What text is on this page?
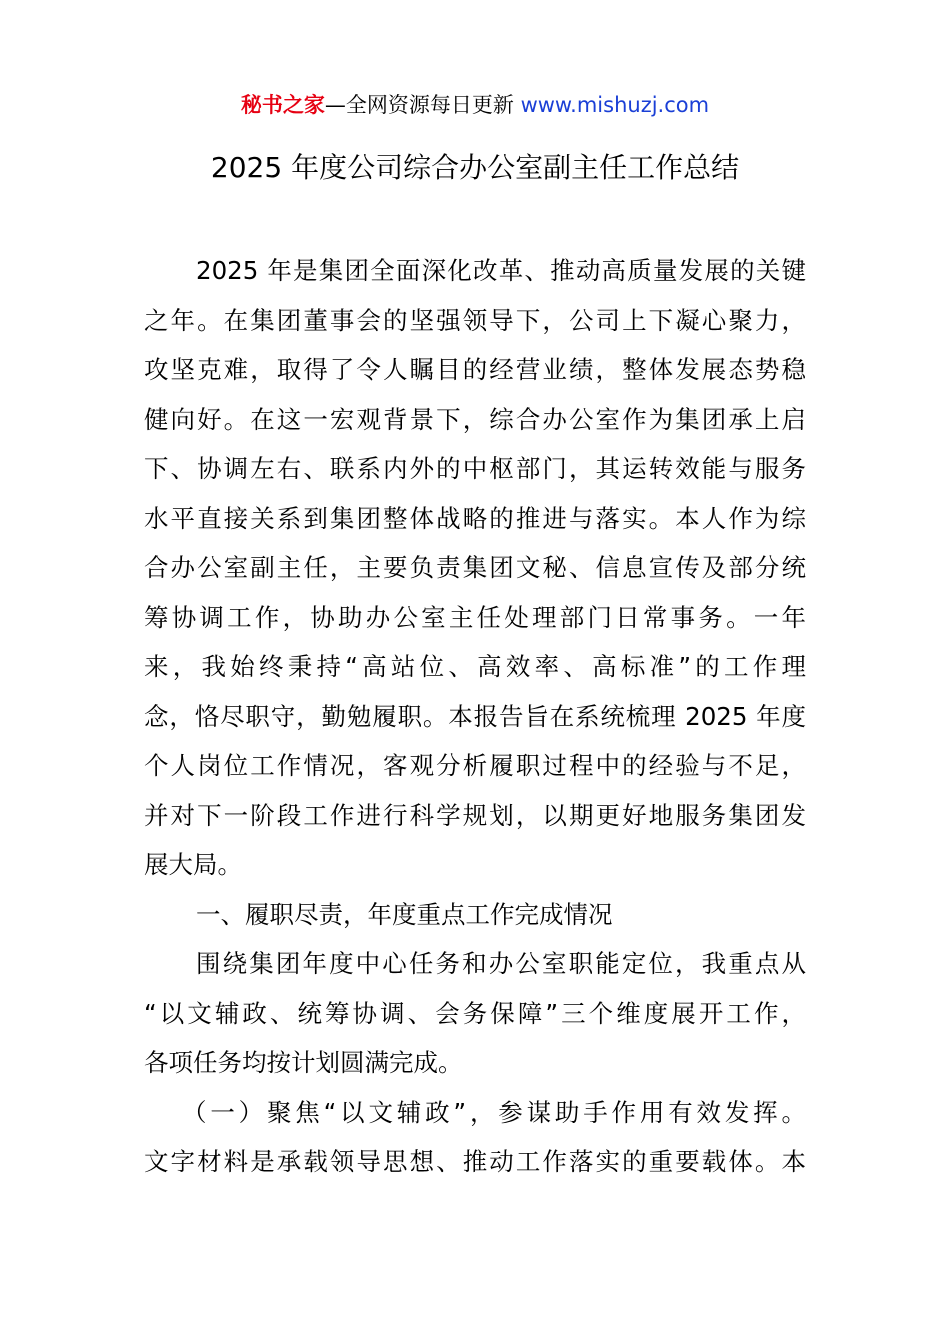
秘书之家—全网资源每日更新 www.mishuzj.com
2025 年度公司综合办公室副主任工作总结
2025 年是集团全面深化改革、推动高质量发展的关键
之年。在集团董事会的坚强领导下，公司上下凝心聚力，
攻坚克难，取得了令人瞩目的经营业绩，整体发展态势稳
健向好。在这一宏观背景下，综合办公室作为集团承上启
下、协调左右、联系内外的中枢部门，其运转效能与服务
水平直接关系到集团整体战略的推进与落实。本人作为综
合办公室副主任，主要负责集团文秘、信息宣传及部分统
筹协调工作，协助办公室主任处理部门日常事务。一年
来，我始终秉持“高站位、高效率、高标准”的工作理
念，恪尽职守，勤勉履职。本报告旨在系统梳理 2025 年度
个人岗位工作情况，客观分析履职过程中的经验与不足，
并对下一阶段工作进行科学规划，以期更好地服务集团发
展大局。
一、履职尽责，年度重点工作完成情况
围绕集团年度中心任务和办公室职能定位，我重点从
“以文辅政、统筹协调、会务保障”三个维度展开工作，
各项任务均按计划圆满完成。
（一）聚焦“以文辅政”，参谋助手作用有效发挥。
文字材料是承载领导思想、推动工作落实的重要载体。本
